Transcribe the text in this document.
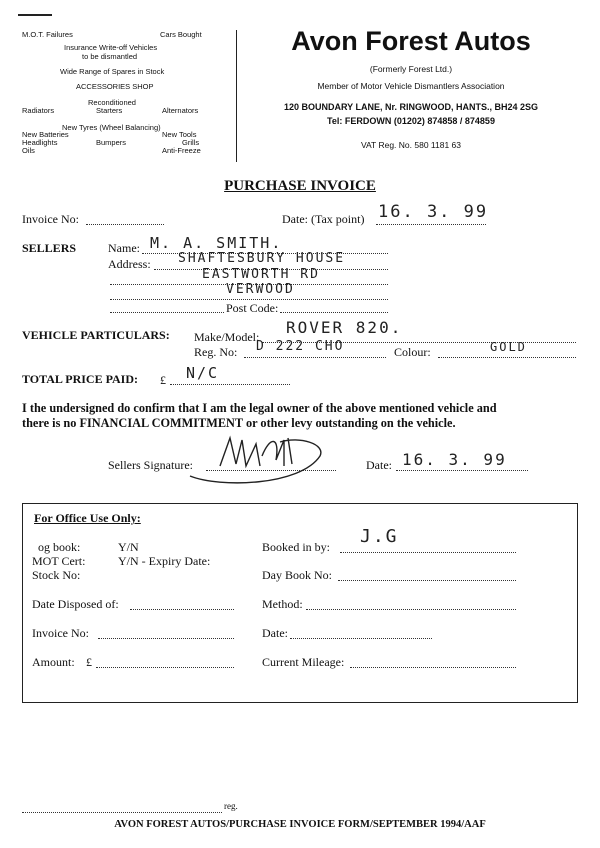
M.O.T. Failures	Cars Bought
Insurance Write-off Vehicles
to be dismantled
Wide Range of Spares in Stock
ACCESSORIES SHOP
Reconditioned
Radiators	Starters	Alternators
New Tyres (Wheel Balancing)
New Batteries	New Tools
Headlights	Bumpers	Grills
Oils	Anti-Freeze
Avon Forest Autos
(Formerly Forest Ltd.)
Member of Motor Vehicle Dismantlers Association
120 BOUNDARY LANE, Nr. RINGWOOD, HANTS., BH24 2SG
Tel: FERDOWN (01202) 874858 / 874859
VAT Reg. No. 580 1181 63
PURCHASE INVOICE
Invoice No:	Date: (Tax point) 16. 3. 99
SELLERS	Name: M. A. SMITH.
Address: SHAFTESBURY HOUSE
EASTWORTH RD
VERWOOD
Post Code:
VEHICLE PARTICULARS: Make/Model: ROVER 820.
Reg. No: D 222 CHO	Colour:	GOLD
TOTAL PRICE PAID: £ N/C
I the undersigned do confirm that I am the legal owner of the above mentioned vehicle and
there is no FINANCIAL COMMITMENT or other levy outstanding on the vehicle.
Sellers Signature:	Date: 16. 3. 99
For Office Use Only:
og book:	Y/N
MOT Cert:	Y/N - Expiry Date:
Stock No:
Booked in by: J.G
Day Book No:
Date Disposed of:	Method:
Invoice No:	Date:
Amount: £	Current Mileage:
reg.
AVON FOREST AUTOS/PURCHASE INVOICE FORM/SEPTEMBER 1994/AAF
